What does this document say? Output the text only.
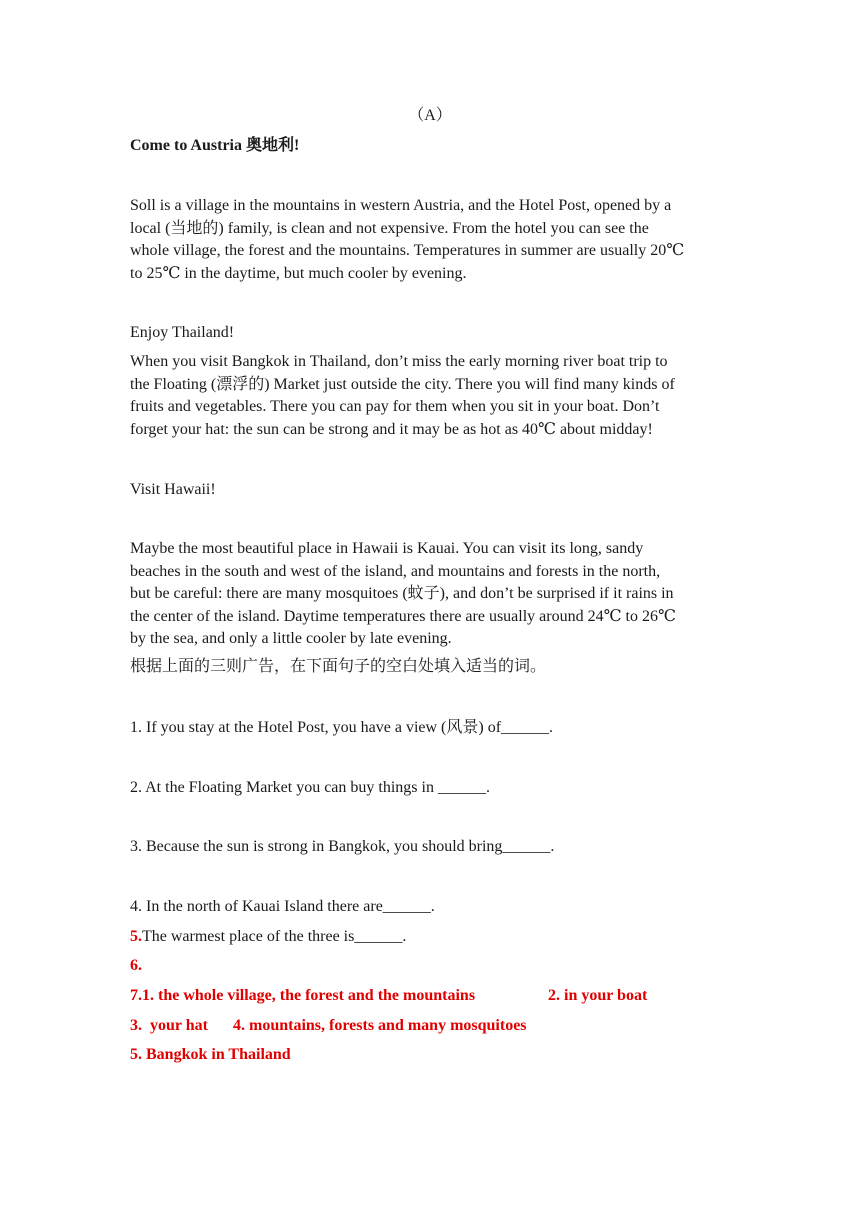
（A）
Come to Austria 奥地利!
Soll is a village in the mountains in western Austria, and the Hotel Post, opened by a
local (当地的) family, is clean and not expensive. From the hotel you can see the
whole village, the forest and the mountains. Temperatures in summer are usually 20℃
to 25℃ in the daytime, but much cooler by evening.
Enjoy Thailand!
When you visit Bangkok in Thailand, don’t miss the early morning river boat trip to
the Floating (漂浮的) Market just outside the city. There you will find many kinds of
fruits and vegetables. There you can pay for them when you sit in your boat. Don’t
forget your hat: the sun can be strong and it may be as hot as 40℃ about midday!
Visit Hawaii!
Maybe the most beautiful place in Hawaii is Kauai. You can visit its long, sandy
beaches in the south and west of the island, and mountains and forests in the north,
but be careful: there are many mosquitoes (蚊子), and don’t be surprised if it rains in
the center of the island. Daytime temperatures there are usually around 24℃ to 26℃
by the sea, and only a little cooler by late evening.
根据上面的三则广告，在下面句子的空白处填入适当的词。
1. If you stay at the Hotel Post, you have a view (风景) of______.
2. At the Floating Market you can buy things in ______.
3. Because the sun is strong in Bangkok, you should bring______.
4. In the north of Kauai Island there are______.
5.The warmest place of the three is______.
6.
7.1. the whole village, the forest and the mountains	2. in your boat
3.  your hat 4. mountains, forests and many mosquitoes
5. Bangkok in Thailand
